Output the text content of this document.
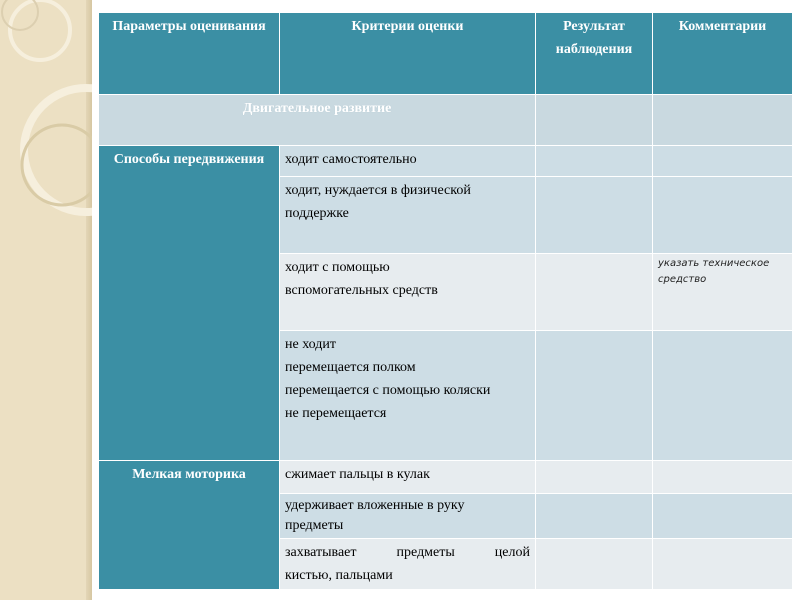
Параметры оценивания	Критерии оценки	Результат наблюдения	Комментарии
Двигательное развитие			
Способы передвижения	ходит самостоятельно		

	ходит, нуждается в физической
поддержке		

	ходит с помощью
вспомогательных средств		указать техническое средство

	не ходит
перемещается полком
перемещается с помощью коляски
не перемещается		

Мелкая моторика	сжимает пальцы в кулак		

	удерживает вложенные в руку
предметы		

	захватывает предметы целой
кистью, пальцами		
